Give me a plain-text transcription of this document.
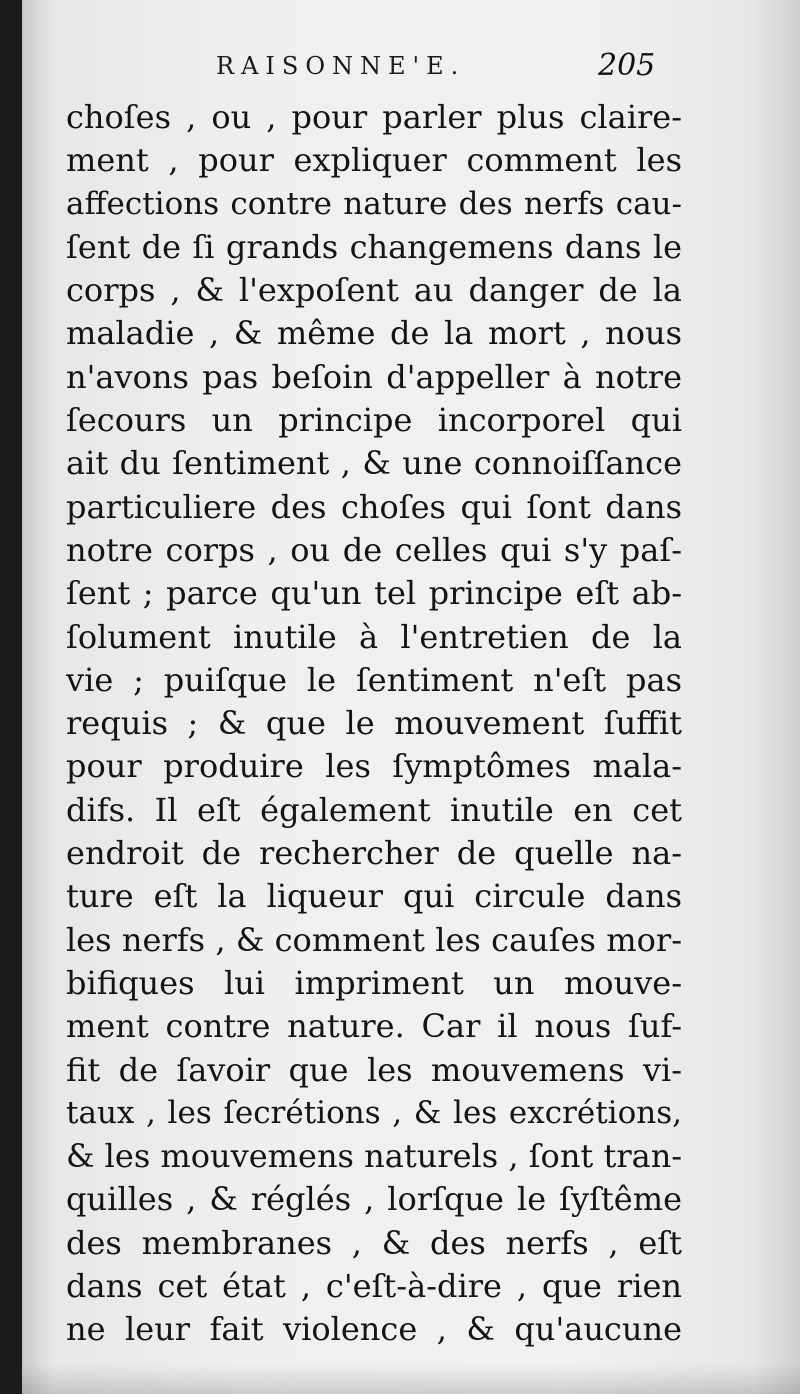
RAISONNE'E.	205
choſes , ou , pour parler plus claire-
ment , pour expliquer comment les
affections contre nature des nerfs cau-
ſent de ſi grands changemens dans le
corps , & l'expoſent au danger de la
maladie , & même de la mort , nous
n'avons pas beſoin d'appeller à notre
ſecours un principe incorporel qui
ait du ſentiment , & une connoiſſance
particuliere des choſes qui ſont dans
notre corps , ou de celles qui s'y paſ-
ſent ; parce qu'un tel principe eſt ab-
ſolument inutile à l'entretien de la
vie ; puiſque le ſentiment n'eſt pas
requis ; & que le mouvement ſuffit
pour produire les ſymptômes mala-
difs. Il eſt également inutile en cet
endroit de rechercher de quelle na-
ture eſt la liqueur qui circule dans
les nerfs , & comment les cauſes mor-
bifiques lui impriment un mouve-
ment contre nature. Car il nous ſuf-
fit de ſavoir que les mouvemens vi-
taux , les ſecrétions , & les excrétions,
& les mouvemens naturels , ſont tran-
quilles , & réglés , lorſque le ſyſtême
des membranes , & des nerfs , eſt
dans cet état , c'eſt-à-dire , que rien
ne leur fait violence , & qu'aucune
